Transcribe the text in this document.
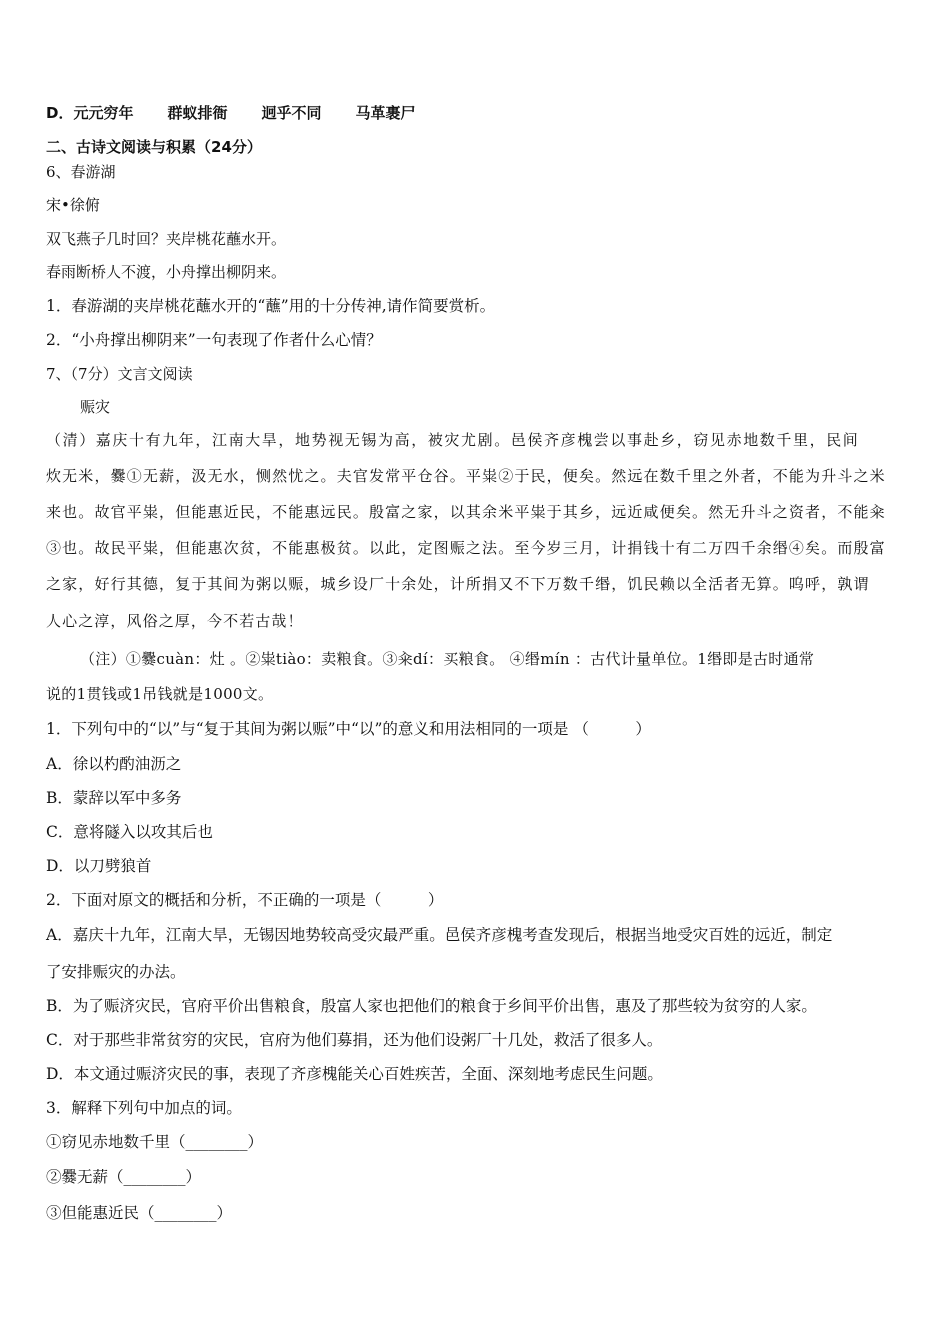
D．元元穷年 群蚁排衙 迥乎不同 马革裹尸
二、古诗文阅读与积累（24分）
6、春游湖
宋•徐俯
双飞燕子几时回？夹岸桃花蘸水开。
春雨断桥人不渡，小舟撑出柳阴来。
1．春游湖的夹岸桃花蘸水开的“蘸”用的十分传神,请作简要赏析。
2．“小舟撑出柳阴来”一句表现了作者什么心情？
7、（7分）文言文阅读
赈灾
（清）嘉庆十有九年，江南大旱，地势视无锡为高，被灾尤剧。邑侯齐彦槐尝以事赴乡，窃见赤地数千里，民间
炊无米，爨①无薪，汲无水，恻然忧之。夫官发常平仓谷。平粜②于民，便矣。然远在数千里之外者，不能为升斗之米
来也。故官平粜，但能惠近民，不能惠远民。殷富之家，以其余米平粜于其乡，远近咸便矣。然无升斗之资者，不能籴
③也。故民平粜，但能惠次贫，不能惠极贫。以此，定图赈之法。至今岁三月，计捐钱十有二万四千余缗④矣。而殷富
之家，好行其德，复于其间为粥以赈，城乡设厂十余处，计所捐又不下万数千缗，饥民赖以全活者无算。呜呼，孰谓
人心之淳，风俗之厚，今不若古哉！
（注）①爨cuàn：灶 。②粜tiào：卖粮食。③籴dí：买粮食。 ④缗mín ：古代计量单位。1缗即是古时通常
说的1贯钱或1吊钱就是1000文。
1．下列句中的“以”与“复于其间为粥以赈”中“以”的意义和用法相同的一项是 （　　　）
A．徐以杓酌油沥之
B．蒙辞以军中多务
C．意将隧入以攻其后也
D．以刀劈狼首
2．下面对原文的概括和分析，不正确的一项是（　　　）
A．嘉庆十九年，江南大旱，无锡因地势较高受灾最严重。邑侯齐彦槐考查发现后，根据当地受灾百姓的远近，制定
了安排赈灾的办法。
B．为了赈济灾民，官府平价出售粮食，殷富人家也把他们的粮食于乡间平价出售，惠及了那些较为贫穷的人家。
C．对于那些非常贫穷的灾民，官府为他们募捐，还为他们设粥厂十几处，救活了很多人。
D．本文通过赈济灾民的事，表现了齐彦槐能关心百姓疾苦，全面、深刻地考虑民生问题。
3．解释下列句中加点的词。
①窃见赤地数千里（________）
②爨无薪（________）
③但能惠近民（________）
